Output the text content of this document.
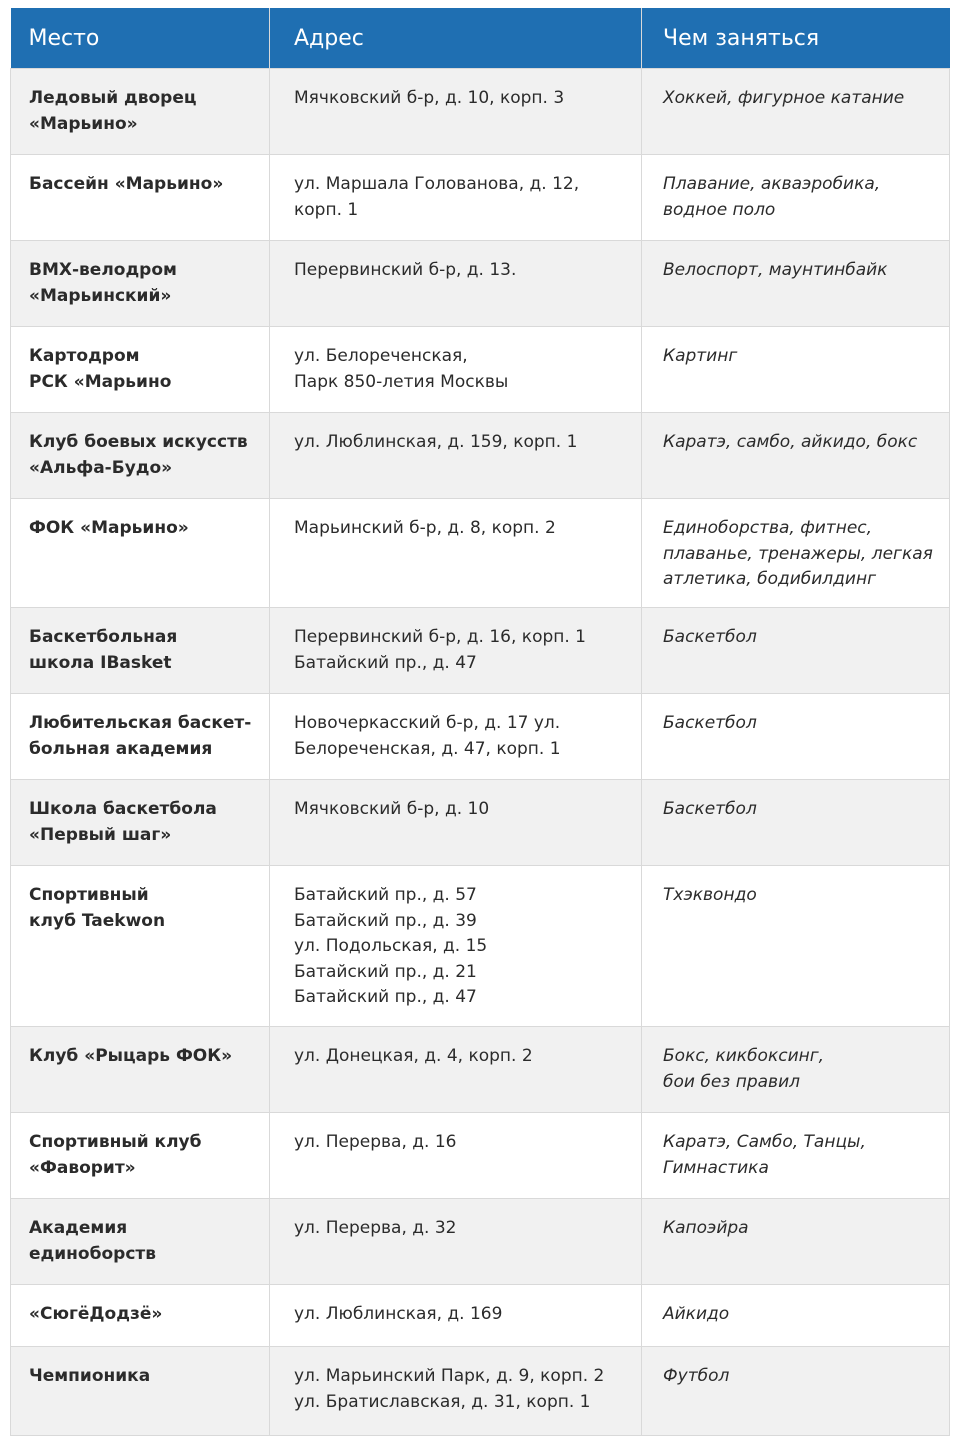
Место	Адрес	Чем заняться

Ледовый дворец
«Марьино»	Мячковский б-р, д. 10, корп. 3	Хоккей, фигурное катание

Бассейн «Марьино»	ул. Маршала Голованова, д. 12,
корп. 1	Плавание, акваэробика,
водное поло

ВМХ-велодром
«Марьинский»	Перервинский б-р, д. 13.	Велоспорт, маунтинбайк

Картодром
РСК «Марьино	ул. Белореченская,
Парк 850-летия Москвы	Картинг

Клуб боевых искусств
«Альфа-Будо»	ул. Люблинская, д. 159, корп. 1	Каратэ, самбо, айкидо, бокс

ФОК «Марьино»	Марьинский б-р, д. 8, корп. 2	Единоборства, фитнес,
плаванье, тренажеры, легкая
атлетика, бодибилдинг

Баскетбольная
школа IBasket	Перервинский б-р, д. 16, корп. 1
Батайский пр., д. 47	Баскетбол

Любительская баскет-
больная академия	Новочеркасский б-р, д. 17 ул.
Белореченская, д. 47, корп. 1	Баскетбол

Школа баскетбола
«Первый шаг»	Мячковский б-р, д. 10	Баскетбол

Спортивный
клуб Taekwon	Батайский пр., д. 57
Батайский пр., д. 39
ул. Подольская, д. 15
Батайский пр., д. 21
Батайский пр., д. 47	Тхэквондо

Клуб «Рыцарь ФОК»	ул. Донецкая, д. 4, корп. 2	Бокс, кикбоксинг,
бои без правил

Спортивный клуб
«Фаворит»	ул. Перерва, д. 16	Каратэ, Самбо, Танцы,
Гимнастика

Академия
единоборств	ул. Перерва, д. 32	Капоэйра

«СюгёДодзё»	ул. Люблинская, д. 169	Айкидо

Чемпионика	ул. Марьинский Парк, д. 9, корп. 2
ул. Братиславская, д. 31, корп. 1	Футбол
